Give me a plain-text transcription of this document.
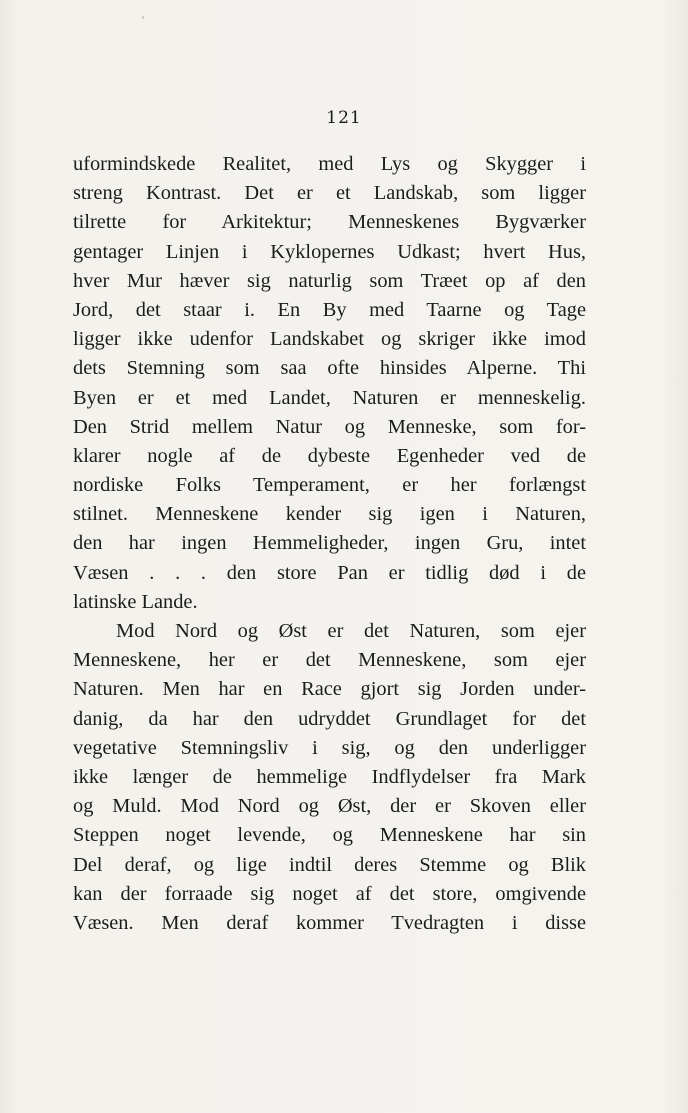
121
uformindskede Realitet, med Lys og Skygger i
streng Kontrast. Det er et Landskab, som ligger
tilrette for Arkitektur; Menneskenes Bygværker
gentager Linjen i Kyklopernes Udkast; hvert Hus,
hver Mur hæver sig naturlig som Træet op af den
Jord, det staar i. En By med Taarne og Tage
ligger ikke udenfor Landskabet og skriger ikke imod
dets Stemning som saa ofte hinsides Alperne. Thi
Byen er et med Landet, Naturen er menneskelig.
Den Strid mellem Natur og Menneske, som for-
klarer nogle af de dybeste Egenheder ved de
nordiske Folks Temperament, er her forlængst
stilnet. Menneskene kender sig igen i Naturen,
den har ingen Hemmeligheder, ingen Gru, intet
Væsen . . . den store Pan er tidlig død i de
latinske Lande.
Mod Nord og Øst er det Naturen, som ejer
Menneskene, her er det Menneskene, som ejer
Naturen. Men har en Race gjort sig Jorden under-
danig, da har den udryddet Grundlaget for det
vegetative Stemningsliv i sig, og den underligger
ikke længer de hemmelige Indflydelser fra Mark
og Muld. Mod Nord og Øst, der er Skoven eller
Steppen noget levende, og Menneskene har sin
Del deraf, og lige indtil deres Stemme og Blik
kan der forraade sig noget af det store, omgivende
Væsen. Men deraf kommer Tvedragten i disse
